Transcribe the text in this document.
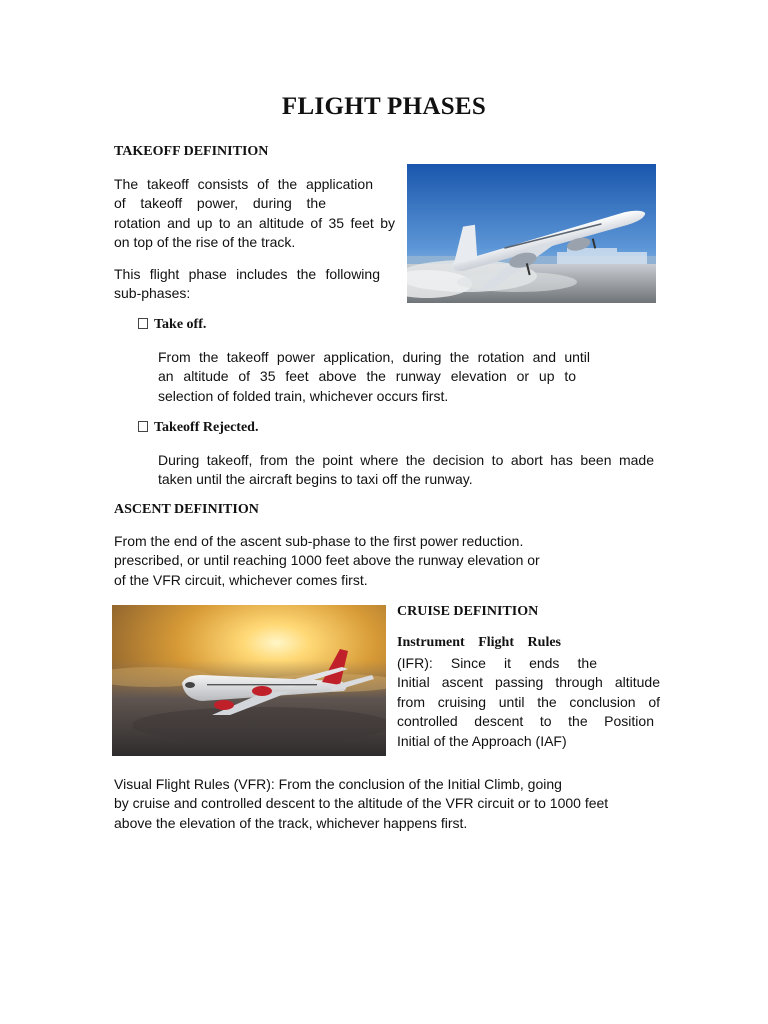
FLIGHT PHASES
TAKEOFF DEFINITION
The takeoff consists of the application
of takeoff power, during the
rotation and up to an altitude of 35 feet by
on top of the rise of the track.
This flight phase includes the following
sub-phases:
Take off.
From the takeoff power application, during the rotation and until
an altitude of 35 feet above the runway elevation or up to
selection of folded train, whichever occurs first.
Takeoff Rejected.
During takeoff, from the point where the decision to abort has been made
taken until the aircraft begins to taxi off the runway.
ASCENT DEFINITION
From the end of the ascent sub-phase to the first power reduction.
prescribed, or until reaching 1000 feet above the runway elevation or
of the VFR circuit, whichever comes first.
CRUISE DEFINITION
Instrument Flight Rules
(IFR): Since it ends the
Initial ascent passing through altitude
from cruising until the conclusion of
controlled descent to the Position
Initial of the Approach (IAF)
Visual Flight Rules (VFR): From the conclusion of the Initial Climb, going
by cruise and controlled descent to the altitude of the VFR circuit or to 1000 feet
above the elevation of the track, whichever happens first.
